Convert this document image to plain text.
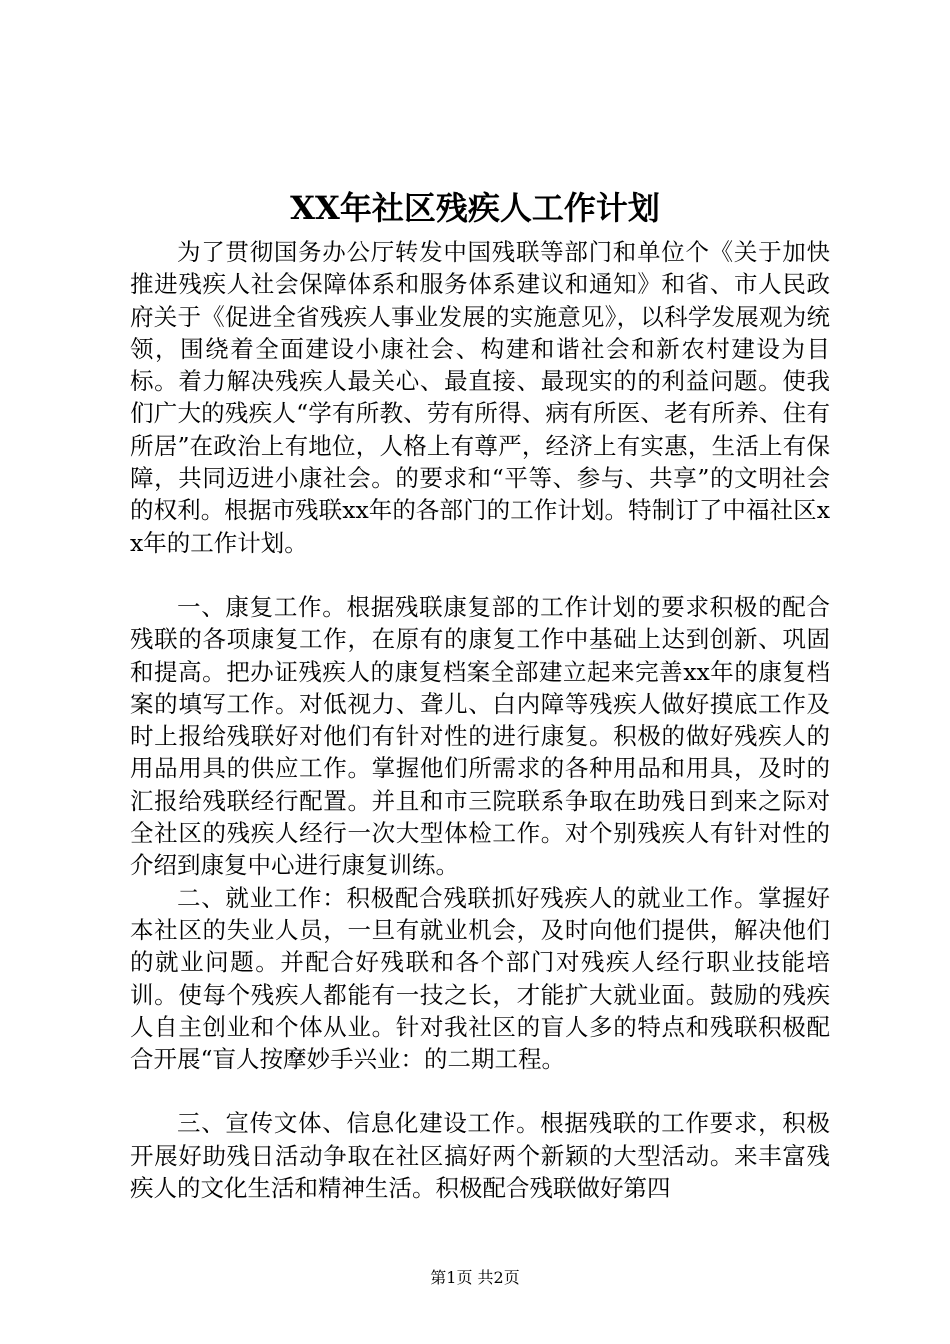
XX年社区残疾人工作计划

为了贯彻国务办公厅转发中国残联等部门和单位个《关于加快推进残疾人社会保障体系和服务体系建议和通知》和省、市人民政府关于《促进全省残疾人事业发展的实施意见》，以科学发展观为统领，围绕着全面建设小康社会、构建和谐社会和新农村建设为目标。着力解决残疾人最关心、最直接、最现实的的利益问题。使我们广大的残疾人“学有所教、劳有所得、病有所医、老有所养、住有所居”在政治上有地位，人格上有尊严，经济上有实惠，生活上有保障，共同迈进小康社会。的要求和“平等、参与、共享”的文明社会的权利。根据市残联xx年的各部门的工作计划。特制订了中福社区xx年的工作计划。

一、康复工作。根据残联康复部的工作计划的要求积极的配合残联的各项康复工作，在原有的康复工作中基础上达到创新、巩固和提高。把办证残疾人的康复档案全部建立起来完善xx年的康复档案的填写工作。对低视力、聋儿、白内障等残疾人做好摸底工作及时上报给残联好对他们有针对性的进行康复。积极的做好残疾人的用品用具的供应工作。掌握他们所需求的各种用品和用具，及时的汇报给残联经行配置。并且和市三院联系争取在助残日到来之际对全社区的残疾人经行一次大型体检工作。对个别残疾人有针对性的介绍到康复中心进行康复训练。

二、就业工作：积极配合残联抓好残疾人的就业工作。掌握好本社区的失业人员，一旦有就业机会，及时向他们提供，解决他们的就业问题。并配合好残联和各个部门对残疾人经行职业技能培训。使每个残疾人都能有一技之长，才能扩大就业面。鼓励的残疾人自主创业和个体从业。针对我社区的盲人多的特点和残联积极配合开展“盲人按摩妙手兴业：的二期工程。

三、宣传文体、信息化建设工作。根据残联的工作要求，积极开展好助残日活动争取在社区搞好两个新颖的大型活动。来丰富残疾人的文化生活和精神生活。积极配合残联做好第四

第1页 共2页
